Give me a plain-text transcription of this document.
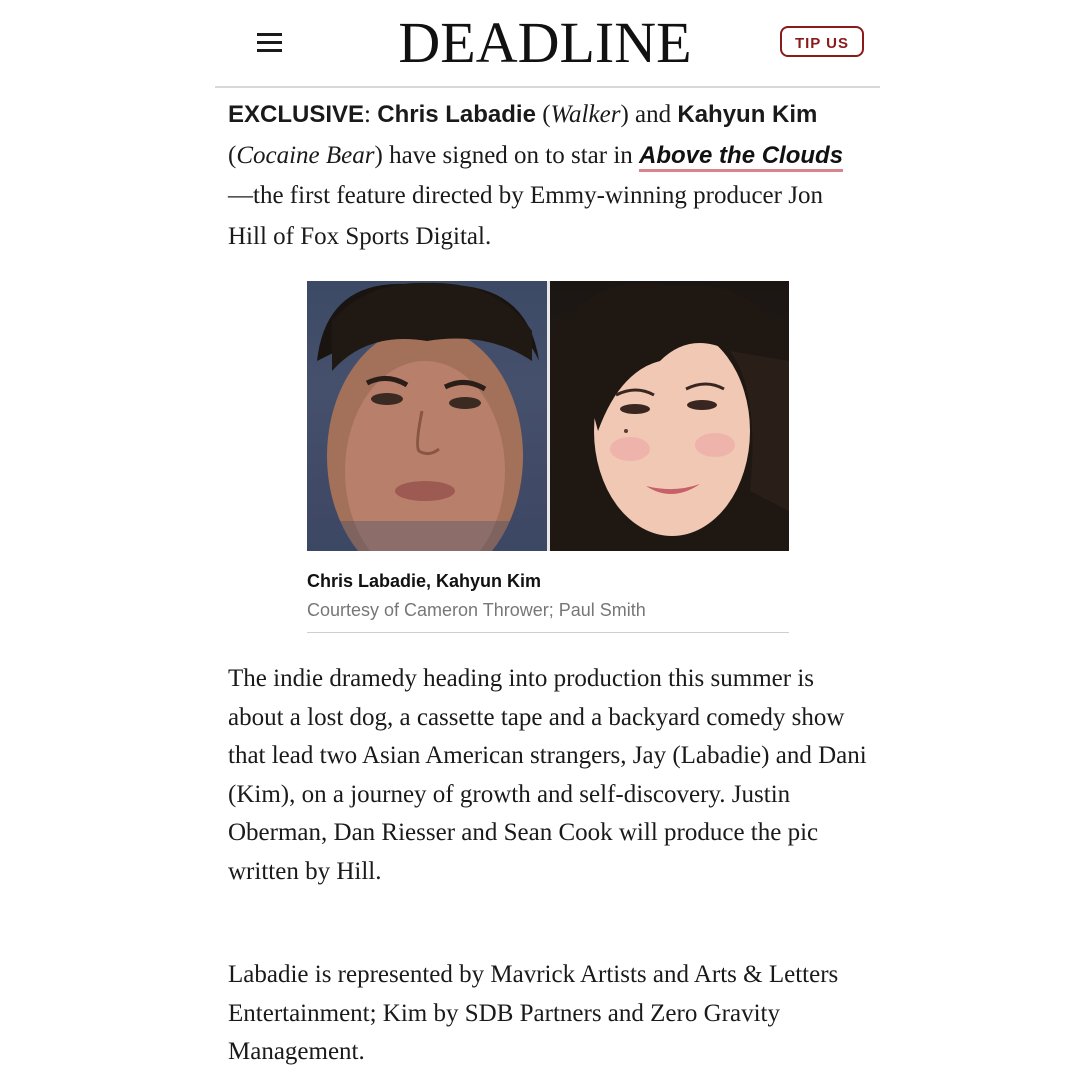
DEADLINE	TIP US
EXCLUSIVE: Chris Labadie (Walker) and Kahyun Kim (Cocaine Bear) have signed on to star in Above the Clouds—the first feature directed by Emmy-winning producer Jon Hill of Fox Sports Digital.
Chris Labadie, Kahyun Kim
Courtesy of Cameron Thrower; Paul Smith
The indie dramedy heading into production this summer is about a lost dog, a cassette tape and a backyard comedy show that lead two Asian American strangers, Jay (Labadie) and Dani (Kim), on a journey of growth and self-discovery. Justin Oberman, Dan Riesser and Sean Cook will produce the pic written by Hill.
Labadie is represented by Mavrick Artists and Arts & Letters Entertainment; Kim by SDB Partners and Zero Gravity Management.
